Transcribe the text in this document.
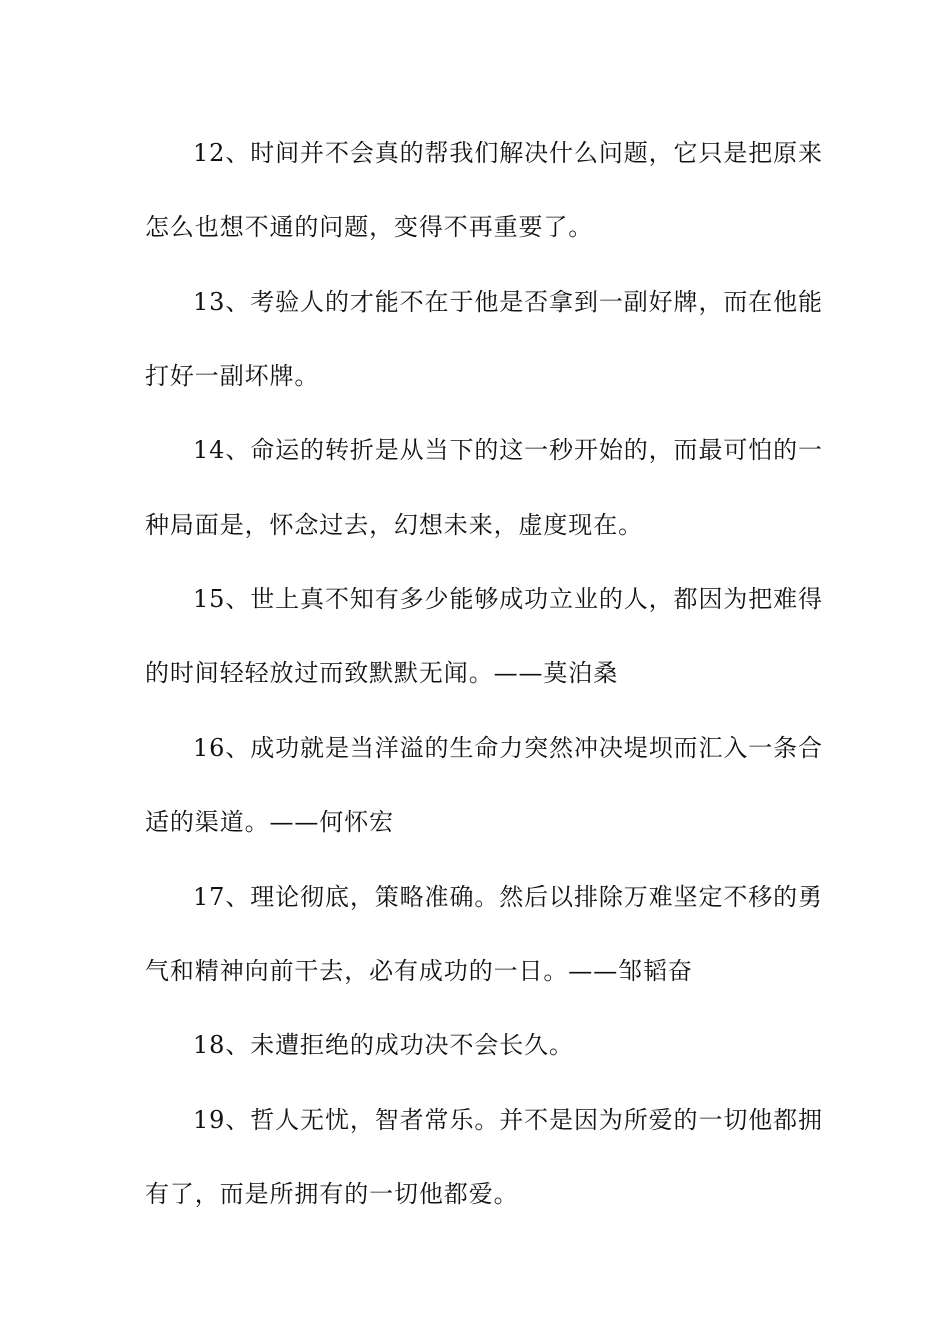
12、时间并不会真的帮我们解决什么问题，它只是把原来
怎么也想不通的问题，变得不再重要了。
13、考验人的才能不在于他是否拿到一副好牌，而在他能
打好一副坏牌。
14、命运的转折是从当下的这一秒开始的，而最可怕的一
种局面是，怀念过去，幻想未来，虚度现在。
15、世上真不知有多少能够成功立业的人，都因为把难得
的时间轻轻放过而致默默无闻。——莫泊桑
16、成功就是当洋溢的生命力突然冲决堤坝而汇入一条合
适的渠道。——何怀宏
17、理论彻底，策略准确。然后以排除万难坚定不移的勇
气和精神向前干去，必有成功的一日。——邹韬奋
18、未遭拒绝的成功决不会长久。
19、哲人无忧，智者常乐。并不是因为所爱的一切他都拥
有了，而是所拥有的一切他都爱。
